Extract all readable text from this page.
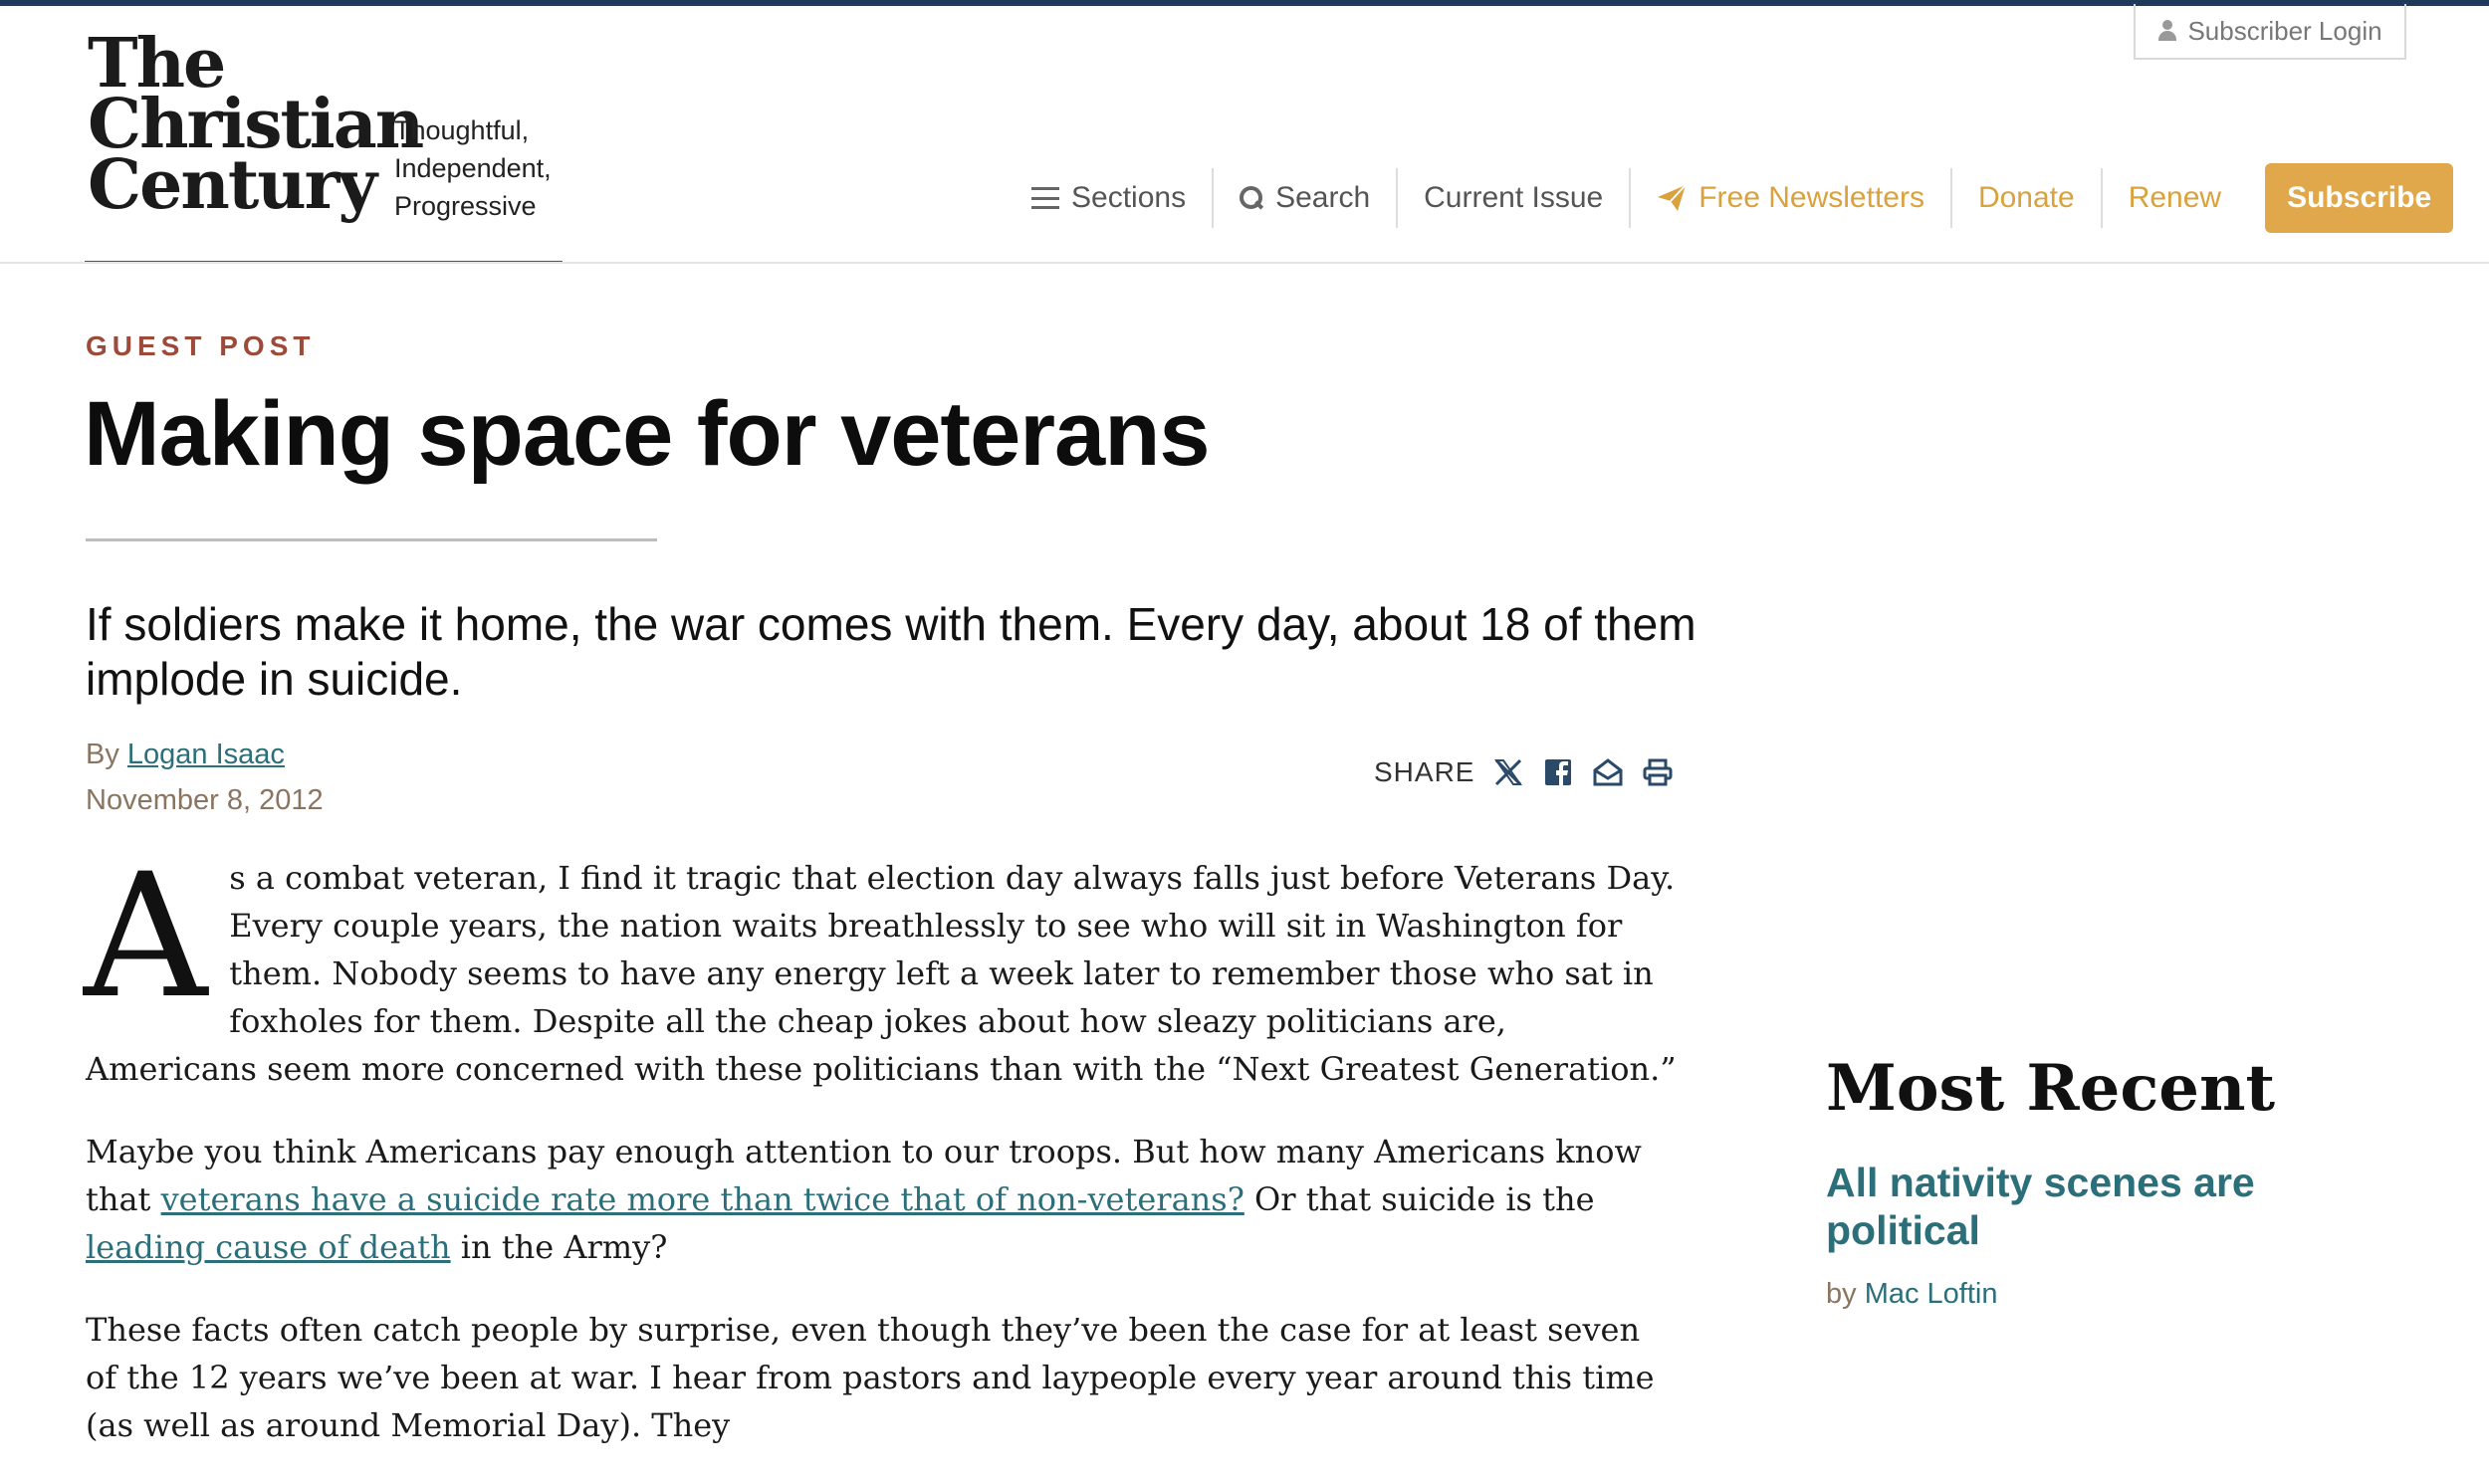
The
Christian
Century
Thoughtful,
Independent,
Progressive
Subscriber Login
Sections	Search Current Issue	Free Newsletters Donate Renew	Subscribe
GUEST POST
Making space for veterans
If soldiers make it home, the war comes with them. Every day, about 18 of them implode in suicide.
By Logan Isaac
November 8, 2012
SHARE

As a combat veteran, I find it tragic that election day always falls just before Veterans Day. Every couple years, the nation waits breathlessly to see who will sit in Washington for them. Nobody seems to have any energy left a week later to remember those who sat in foxholes for them. Despite all the cheap jokes about how sleazy politicians are, Americans seem more concerned with these politicians than with the “Next Greatest Generation.”

Maybe you think Americans pay enough attention to our troops. But how many Americans know that veterans have a suicide rate more than twice that of non-veterans? Or that suicide is the leading cause of death in the Army?

These facts often catch people by surprise, even though they’ve been the case for at least seven of the 12 years we’ve been at war. I hear from pastors and laypeople every year around this time (as well as around Memorial Day). They

Most Recent
All nativity scenes are political
by Mac Loftin
